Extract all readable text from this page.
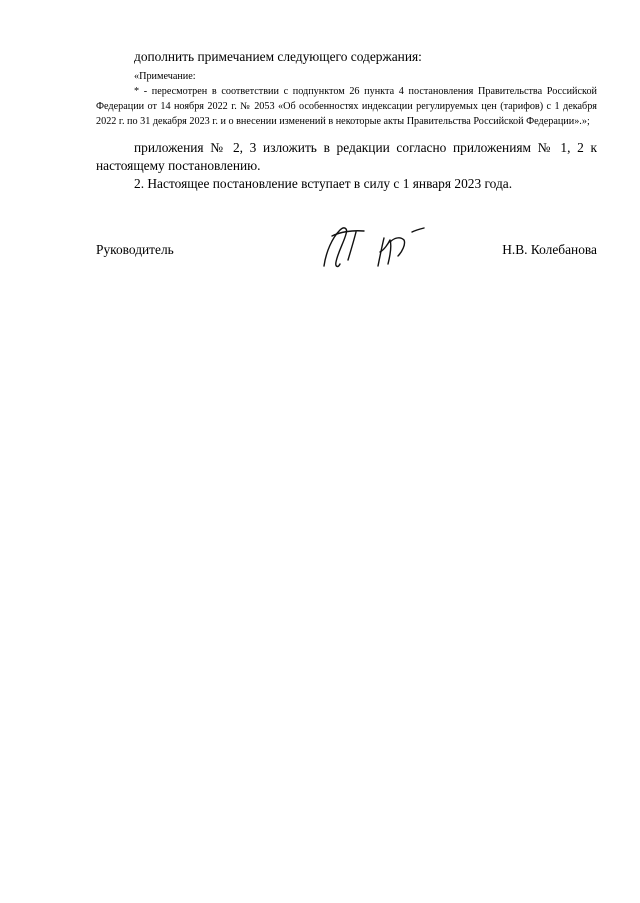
дополнить примечанием следующего содержания:
«Примечание:
* - пересмотрен в соответствии с подпунктом 26 пункта 4 постановления Правительства Российской Федерации от 14 ноября 2022 г. № 2053 «Об особенностях индексации регулируемых цен (тарифов) с 1 декабря 2022 г. по 31 декабря 2023 г. и о внесении изменений в некоторые акты Правительства Российской Федерации».»;
приложения № 2, 3 изложить в редакции согласно приложениям № 1, 2 к
настоящему постановлению.
2. Настоящее постановление вступает в силу с 1 января 2023 года.
Руководитель	Н.В. Колебанова
